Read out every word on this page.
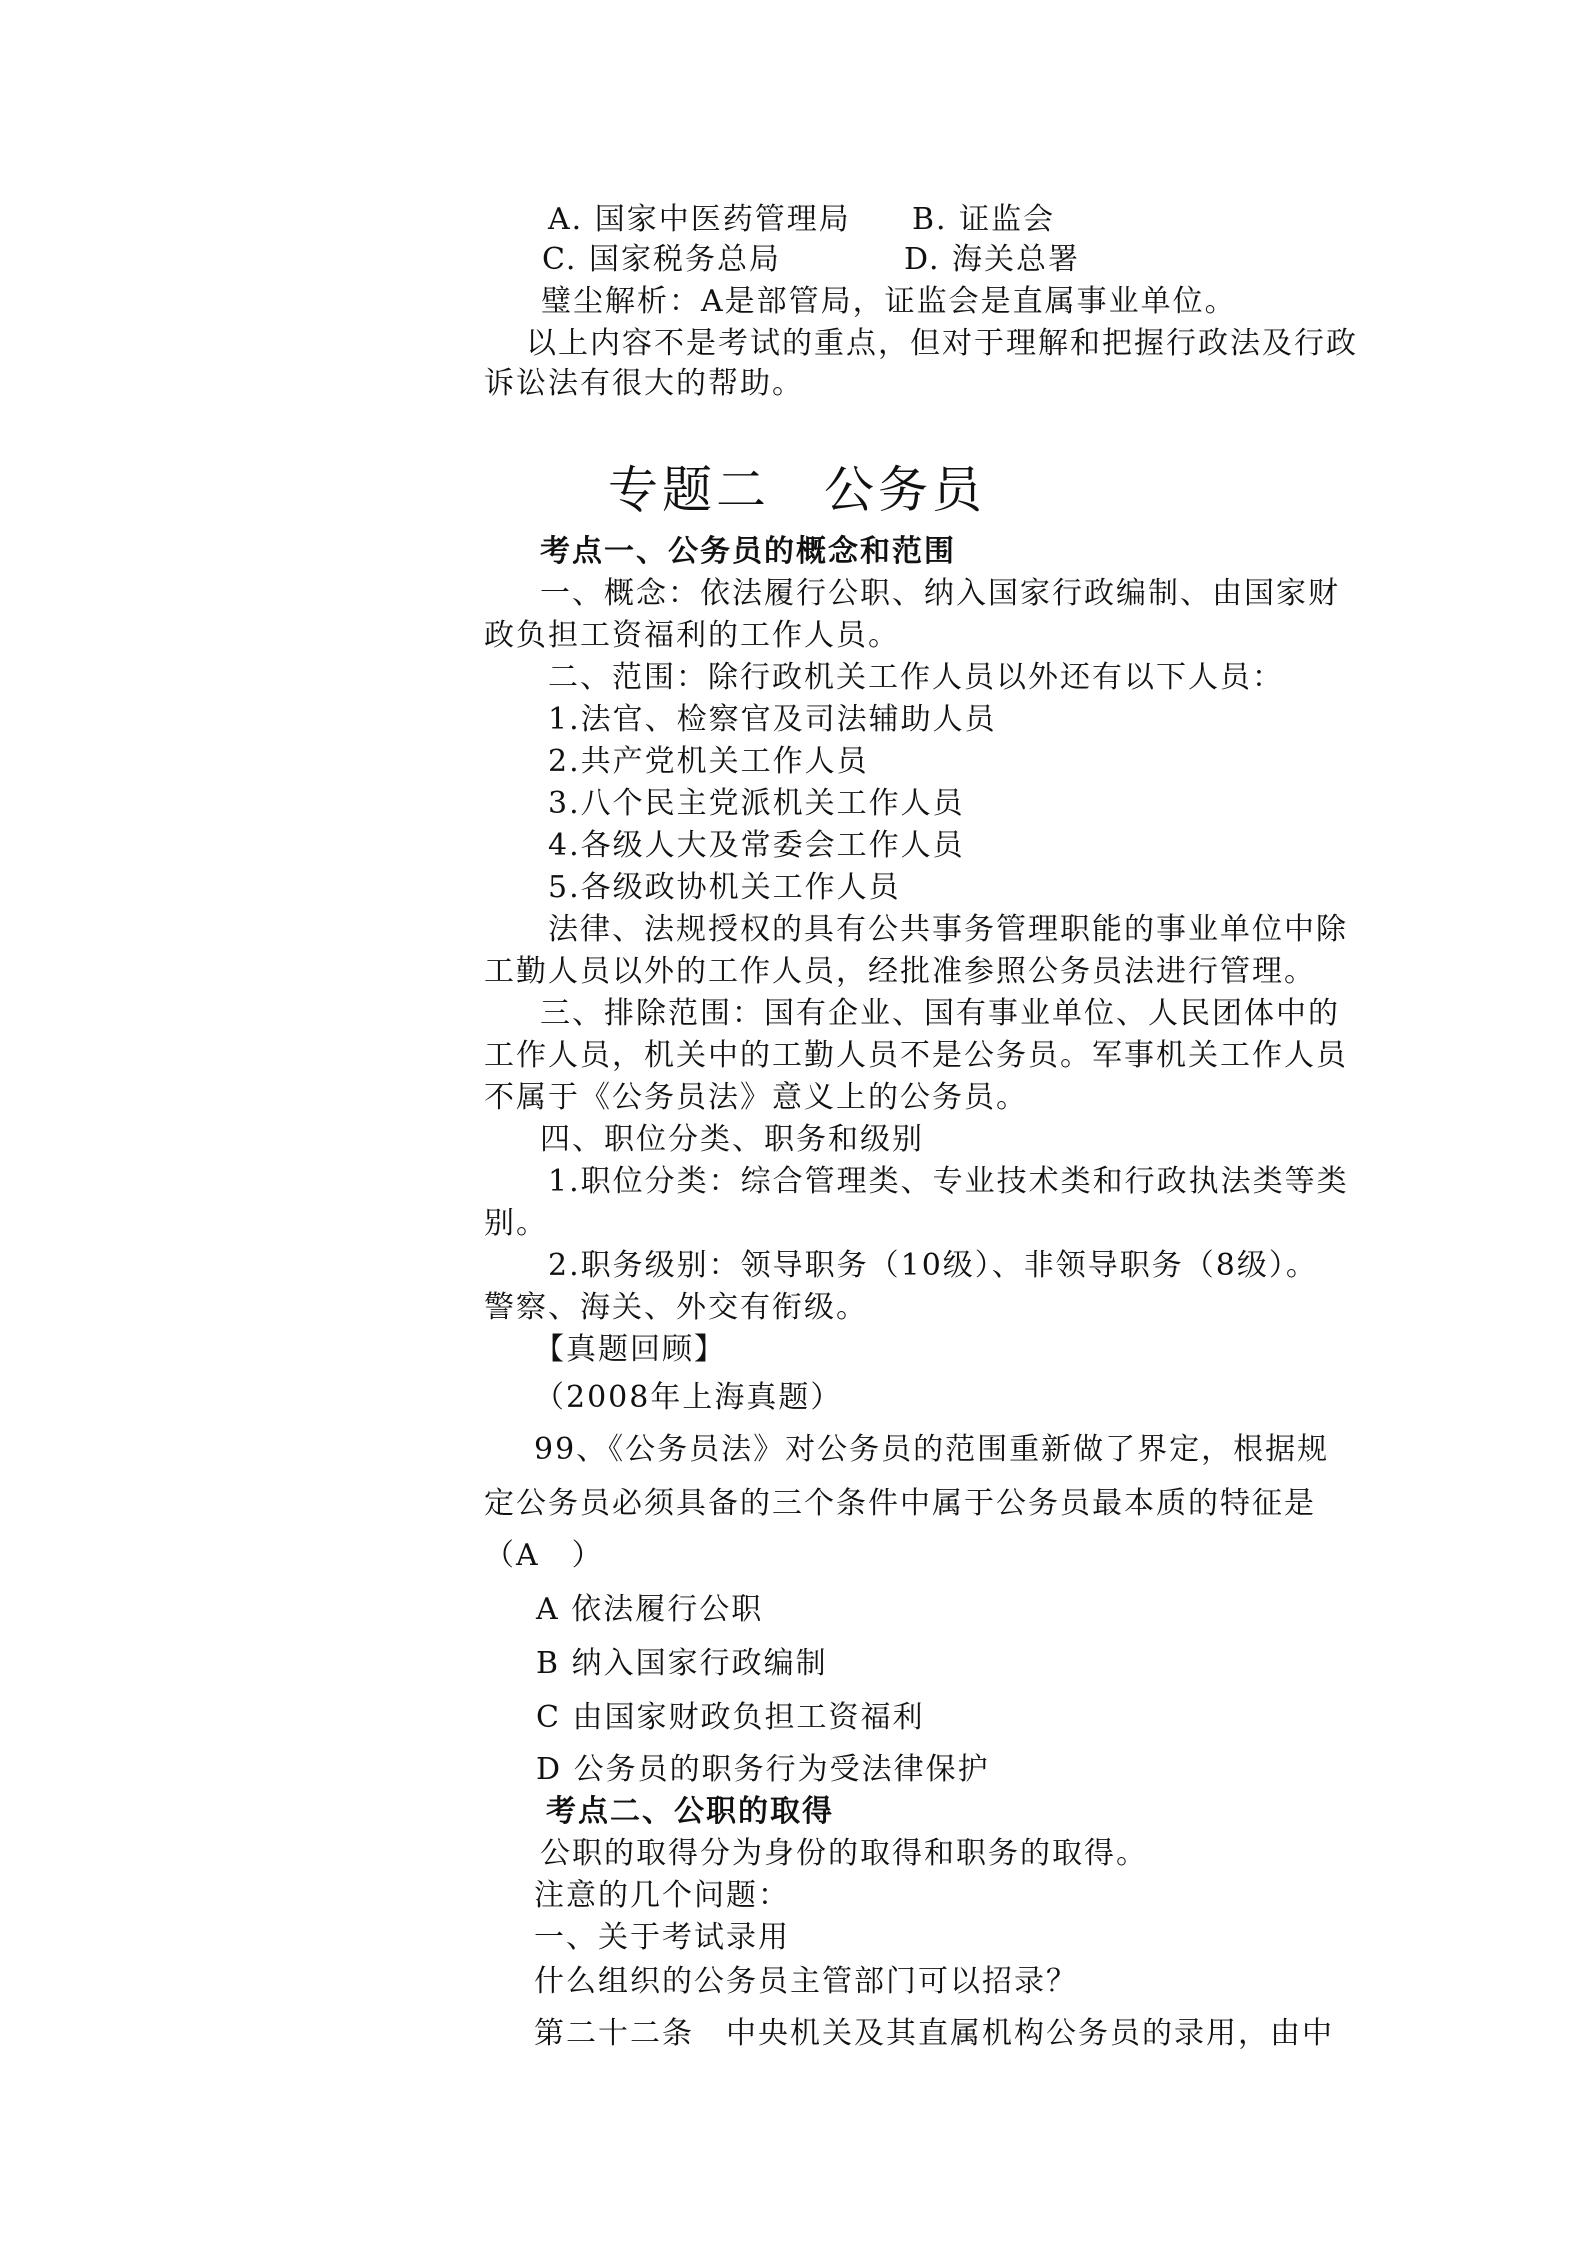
A. 国家中医药管理局 B. 证监会
C. 国家税务总局	D. 海关总署
璧尘解析：A是部管局，证监会是直属事业单位。
以上内容不是考试的重点，但对于理解和把握行政法及行政
诉讼法有很大的帮助。
专题二　公务员
考点一、公务员的概念和范围
一、概念：依法履行公职、纳入国家行政编制、由国家财
政负担工资福利的工作人员。
二、范围：除行政机关工作人员以外还有以下人员：
1.法官、检察官及司法辅助人员
2.共产党机关工作人员
3.八个民主党派机关工作人员
4.各级人大及常委会工作人员
5.各级政协机关工作人员
法律、法规授权的具有公共事务管理职能的事业单位中除
工勤人员以外的工作人员，经批准参照公务员法进行管理。
三、排除范围：国有企业、国有事业单位、人民团体中的
工作人员，机关中的工勤人员不是公务员。军事机关工作人员
不属于《公务员法》意义上的公务员。
四、职位分类、职务和级别
1.职位分类：综合管理类、专业技术类和行政执法类等类
别。
2.职务级别：领导职务（10级）、非领导职务（8级）。
警察、海关、外交有衔级。
【真题回顾】
（2008年上海真题）
99、《公务员法》对公务员的范围重新做了界定，根据规
定公务员必须具备的三个条件中属于公务员最本质的特征是
（A　）
A 依法履行公职
B 纳入国家行政编制
C 由国家财政负担工资福利
D 公务员的职务行为受法律保护
考点二、公职的取得
公职的取得分为身份的取得和职务的取得。
注意的几个问题：
一、关于考试录用
什么组织的公务员主管部门可以招录？
第二十二条　中央机关及其直属机构公务员的录用，由中
